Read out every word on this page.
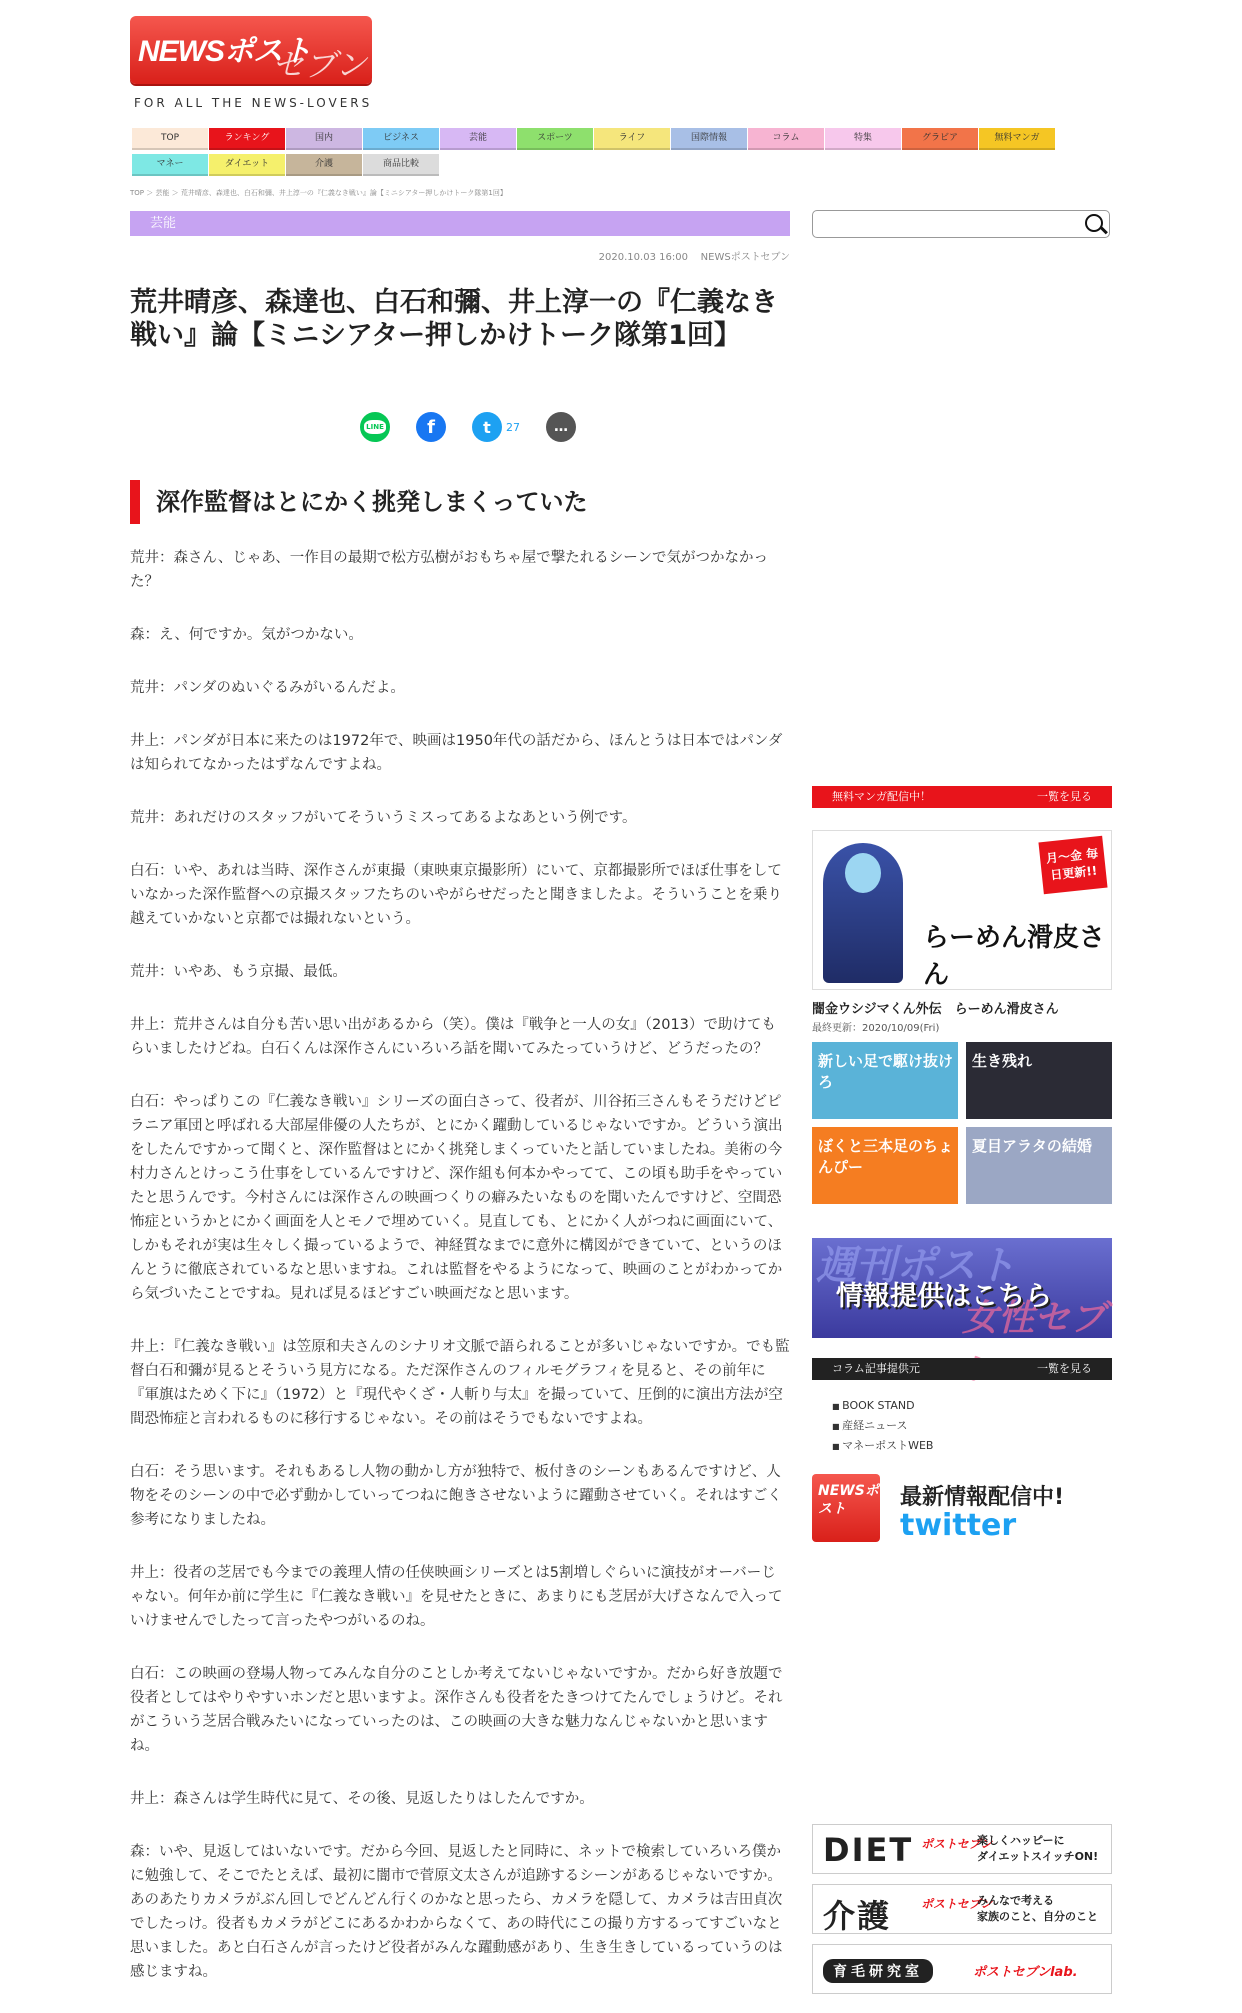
NEWSポスト
セブン
FOR ALL THE NEWS-LOVERS
TOP	ランキング	国内	ビジネス	芸能	スポーツ	ライフ	国際情報	コラム	特集	グラビア	無料マンガ
マネー	ダイエット	介護	商品比較
TOP ＞ 芸能 ＞ 荒井晴彦、森達也、白石和彌、井上淳一の『仁義なき戦い』論【ミニシアター押しかけトーク隊第1回】
芸能
2020.10.03 16:00 NEWSポストセブン
荒井晴彦、森達也、白石和彌、井上淳一の『仁義なき戦い』論【ミニシアター押しかけトーク隊第1回】
LINE f	t 27 …
深作監督はとにかく挑発しまくっていた

荒井：森さん、じゃあ、一作目の最期で松方弘樹がおもちゃ屋で撃たれるシーンで気がつかなかった？

森：え、何ですか。気がつかない。

荒井：パンダのぬいぐるみがいるんだよ。

井上：パンダが日本に来たのは1972年で、映画は1950年代の話だから、ほんとうは日本ではパンダは知られてなかったはずなんですよね。

荒井：あれだけのスタッフがいてそういうミスってあるよなあという例です。

白石：いや、あれは当時、深作さんが東撮（東映東京撮影所）にいて、京都撮影所でほぼ仕事をしていなかった深作監督への京撮スタッフたちのいやがらせだったと聞きましたよ。そういうことを乗り越えていかないと京都では撮れないという。

荒井：いやあ、もう京撮、最低。

井上：荒井さんは自分も苦い思い出があるから（笑）。僕は『戦争と一人の女』（2013）で助けてもらいましたけどね。白石くんは深作さんにいろいろ話を聞いてみたっていうけど、どうだったの？

白石：やっぱりこの『仁義なき戦い』シリーズの面白さって、役者が、川谷拓三さんもそうだけどピラニア軍団と呼ばれる大部屋俳優の人たちが、とにかく躍動しているじゃないですか。どういう演出をしたんですかって聞くと、深作監督はとにかく挑発しまくっていたと話していましたね。美術の今村力さんとけっこう仕事をしているんですけど、深作組も何本かやってて、この頃も助手をやっていたと思うんです。今村さんには深作さんの映画つくりの癖みたいなものを聞いたんですけど、空間恐怖症というかとにかく画面を人とモノで埋めていく。見直しても、とにかく人がつねに画面にいて、しかもそれが実は生々しく撮っているようで、神経質なまでに意外に構図ができていて、というのほんとうに徹底されているなと思いますね。これは監督をやるようになって、映画のことがわかってから気づいたことですね。見れば見るほどすごい映画だなと思います。

井上：『仁義なき戦い』は笠原和夫さんのシナリオ文脈で語られることが多いじゃないですか。でも監督白石和彌が見るとそういう見方になる。ただ深作さんのフィルモグラフィを見ると、その前年に『軍旗はためく下に』（1972）と『現代やくざ・人斬り与太』を撮っていて、圧倒的に演出方法が空間恐怖症と言われるものに移行するじゃない。その前はそうでもないですよね。

白石：そう思います。それもあるし人物の動かし方が独特で、板付きのシーンもあるんですけど、人物をそのシーンの中で必ず動かしていってつねに飽きさせないように躍動させていく。それはすごく参考になりましたね。

井上：役者の芝居でも今までの義理人情の任侠映画シリーズとは5割増しぐらいに演技がオーバーじゃない。何年か前に学生に『仁義なき戦い』を見せたときに、あまりにも芝居が大げさなんで入っていけませんでしたって言ったやつがいるのね。

白石：この映画の登場人物ってみんな自分のことしか考えてないじゃないですか。だから好き放題で役者としてはやりやすいホンだと思いますよ。深作さんも役者をたきつけてたんでしょうけど。それがこういう芝居合戦みたいになっていったのは、この映画の大きな魅力なんじゃないかと思いますね。

井上：森さんは学生時代に見て、その後、見返したりはしたんですか。

森：いや、見返してはいないです。だから今回、見返したと同時に、ネットで検索していろいろ僕かに勉強して、そこでたとえば、最初に闇市で菅原文太さんが追跡するシーンがあるじゃないですか。あのあたりカメラがぶん回しでどんどん行くのかなと思ったら、カメラを隠して、カメラは吉田貞次でしたっけ。役者もカメラがどこにあるかわからなくて、あの時代にこの撮り方するってすごいなと思いました。あと白石さんが言ったけど役者がみんな躍動感があり、生き生きしているっていうのは感じますね。

無料マンガ配信中！	一覧を見る
らーめん滑皮さん
月～金 毎日更新!!
闇金ウシジマくん外伝　らーめん滑皮さん
最終更新：2020/10/09(Fri)
新しい足で駆け抜けろ
生き残れ
ぼくと三本足のちょんぴー
夏目アラタの結婚
週刊ポスト
女性セブ
情報提供はこちら
コラム記事提供元	一覧を見る
■ BOOK STAND
■ 産経ニュース
■ マネーポストWEB
NEWSポスト	最新情報配信中!
twitter
DIET ポストセブン
楽しくハッピーに
ダイエットスイッチON!
介護 ポストセブン
みんなで考える
家族のこと、自分のこと
育毛研究室	ポストセブンlab.
